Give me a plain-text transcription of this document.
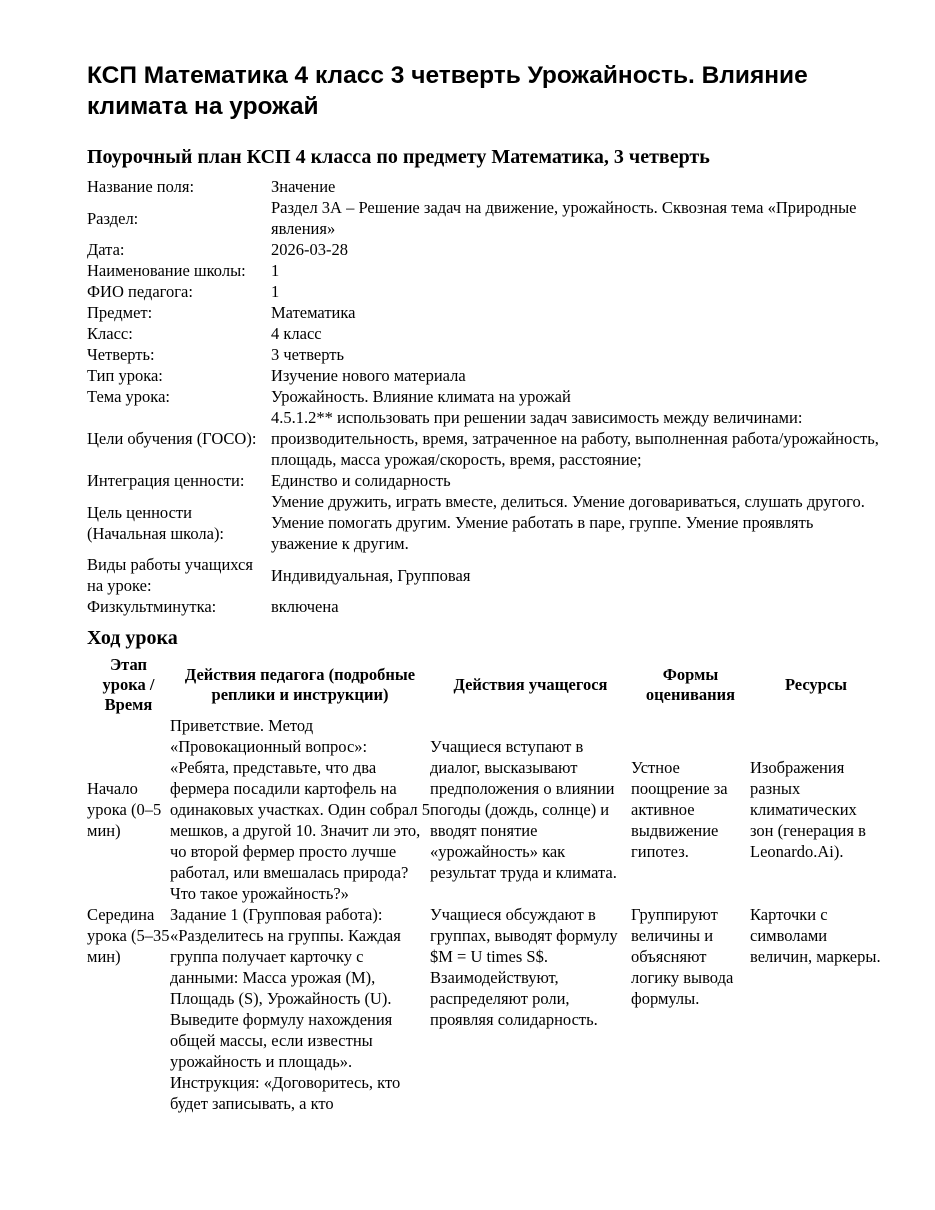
КСП Математика 4 класс 3 четверть Урожайность. Влияние климата на урожай
Поурочный план КСП 4 класса по предмету Математика, 3 четверть
Название поля:	Значение
Раздел:	Раздел 3А – Решение задач на движение, урожайность. Сквозная тема «Природные явления»
Дата:	2026-03-28
Наименование школы:	1
ФИО педагога:	1
Предмет:	Математика
Класс:	4 класс
Четверть:	3 четверть
Тип урока:	Изучение нового материала
Тема урока:	Урожайность. Влияние климата на урожай
Цели обучения (ГОСО):	4.5.1.2** использовать при решении задач зависимость между величинами: производительность, время, затраченное на работу, выполненная работа/урожайность, площадь, масса урожая/скорость, время, расстояние;
Интеграция ценности:	Единство и солидарность
Цель ценности (Начальная школа):	Умение дружить, играть вместе, делиться. Умение договариваться, слушать другого. Умение помогать другим. Умение работать в паре, группе. Умение проявлять уважение к другим.
Виды работы учащихся на уроке:	Индивидуальная, Групповая
Физкультминутка:	включена
Ход урока
Этап урока / Время	Действия педагога (подробные реплики и инструкции)	Действия учащегося	Формы оценивания	Ресурсы
Начало урока (0–5 мин)	Приветствие. Метод «Провокационный вопрос»: «Ребята, представьте, что два фермера посадили картофель на одинаковых участках. Один собрал 5 мешков, а другой 10. Значит ли это, чо второй фермер просто лучше работал, или вмешалась природа? Что такое урожайность?»	Учащиеся вступают в диалог, высказывают предположения о влиянии погоды (дождь, солнце) и вводят понятие «урожайность» как результат труда и климата.	Устное поощрение за активное выдвижение гипотез.	Изображения разных климатических зон (генерация в Leonardo.Ai).
Середина урока (5–35 мин)	Задание 1 (Групповая работа): «Разделитесь на группы. Каждая группа получает карточку с данными: Масса урожая (M), Площадь (S), Урожайность (U). Выведите формулу нахождения общей массы, если известны урожайность и площадь». Инструкция: «Договоритесь, кто будет записывать, а кто	Учащиеся обсуждают в группах, выводят формулу $M = U times S$. Взаимодействуют, распределяют роли, проявляя солидарность.	Группируют величины и объясняют логику вывода формулы.	Карточки с символами величин, маркеры.
